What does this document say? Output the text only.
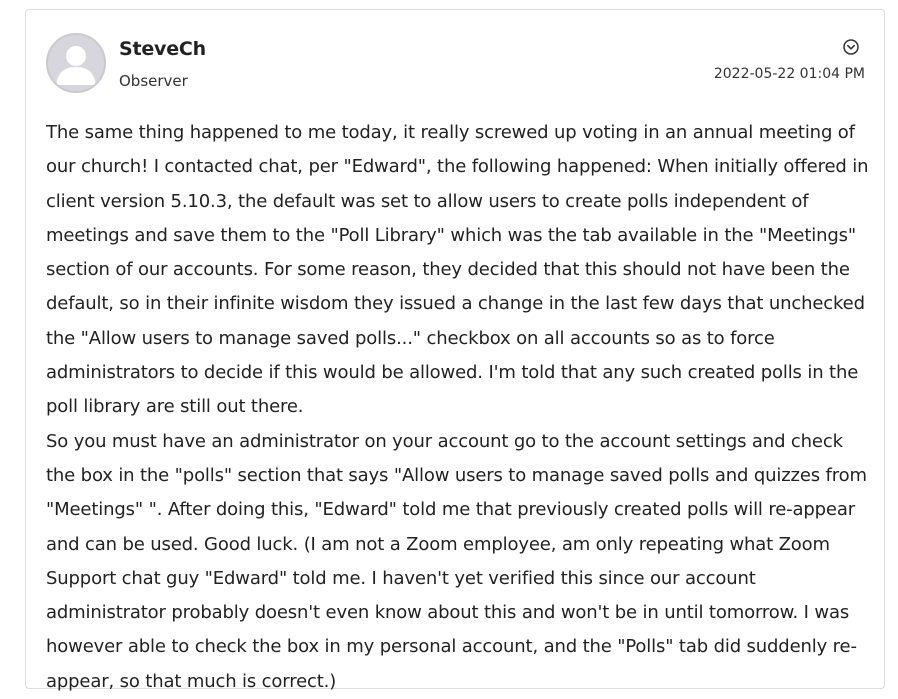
SteveCh
Observer	2022-05-22 01:04 PM

The same thing happened to me today, it really screwed up voting in an annual meeting of our church! I contacted chat, per "Edward", the following happened: When initially offered in client version 5.10.3, the default was set to allow users to create polls independent of meetings and save them to the "Poll Library" which was the tab available in the "Meetings" section of our accounts. For some reason, they decided that this should not have been the default, so in their infinite wisdom they issued a change in the last few days that unchecked the "Allow users to manage saved polls..." checkbox on all accounts so as to force administrators to decide if this would be allowed. I'm told that any such created polls in the poll library are still out there.

So you must have an administrator on your account go to the account settings and check the box in the "polls" section that says "Allow users to manage saved polls and quizzes from "Meetings" ". After doing this, "Edward" told me that previously created polls will re-appear and can be used. Good luck. (I am not a Zoom employee, am only repeating what Zoom Support chat guy "Edward" told me. I haven't yet verified this since our account administrator probably doesn't even know about this and won't be in until tomorrow. I was however able to check the box in my personal account, and the "Polls" tab did suddenly re-appear, so that much is correct.)
